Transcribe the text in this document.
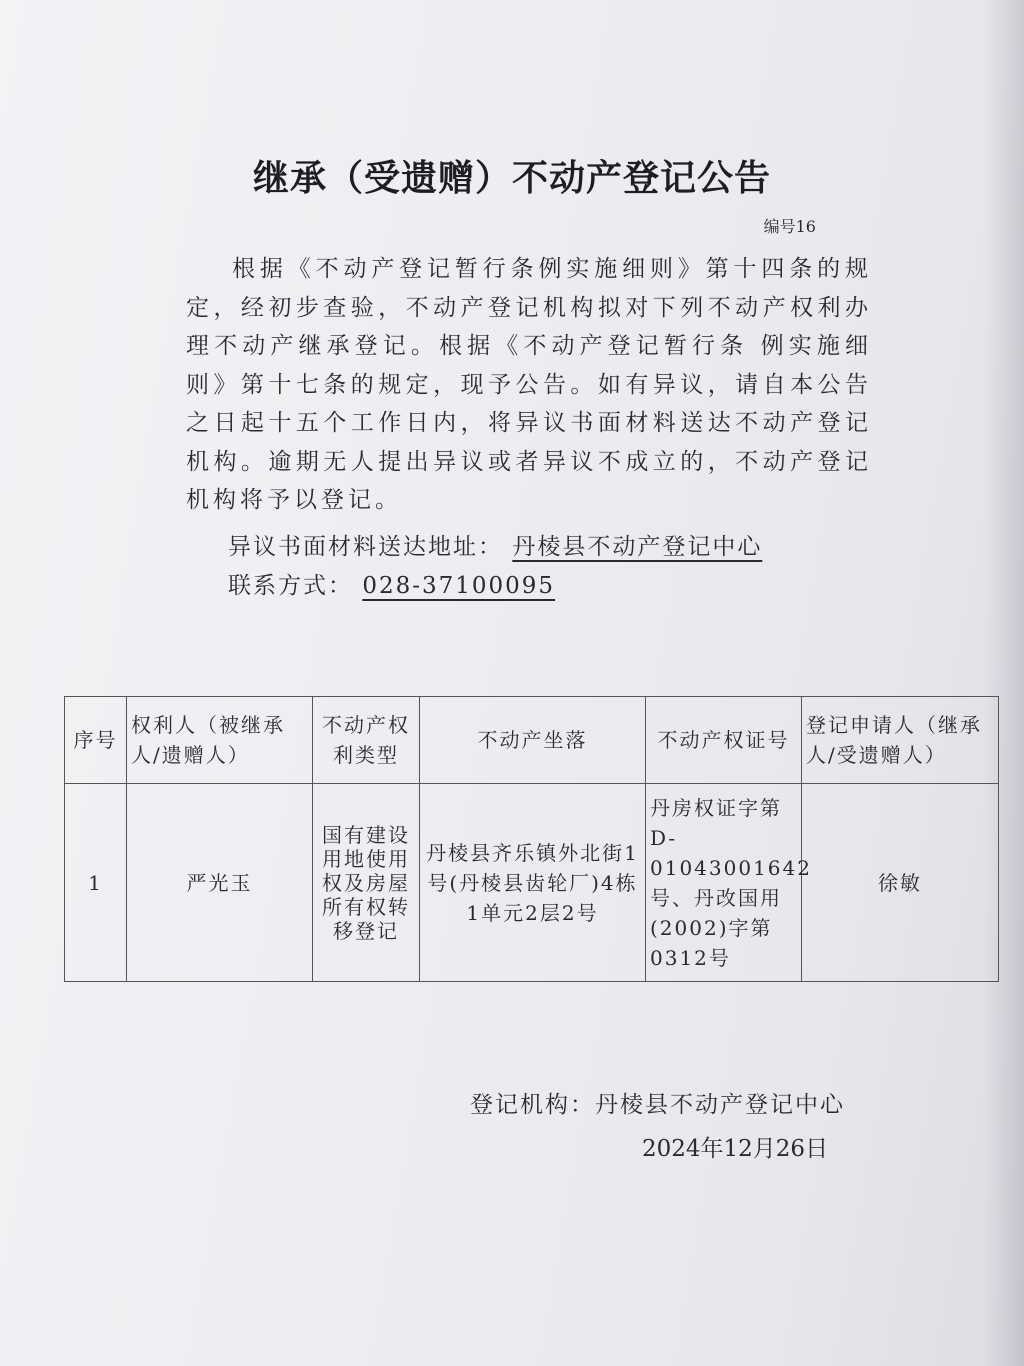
继承（受遗赠）不动产登记公告
编号16
根据《不动产登记暂行条例实施细则》第十四条的规定，经初步查验，不动产登记机构拟对下列不动产权利办理不动产继承登记。根据《不动产登记暂行条 例实施细则》第十七条的规定，现予公告。如有异议，请自本公告之日起十五个工作日内，将异议书面材料送达不动产登记机构。逾期无人提出异议或者异议不成立的，不动产登记机构将予以登记。
异议书面材料送达地址： 丹棱县不动产登记中心
联系方式： 028-37100095
序号	权利人（被继承人/遗赠人）	不动产权利类型	不动产坐落	不动产权证号	登记申请人（继承人/受遗赠人）
1	严光玉	国有建设用地使用权及房屋所有权转移登记	丹棱县齐乐镇外北街1号(丹棱县齿轮厂)4栋1单元2层2号	丹房权证字第D-01043001642号、丹改国用(2002)字第0312号	徐敏
登记机构：丹棱县不动产登记中心
2024年12月26日
